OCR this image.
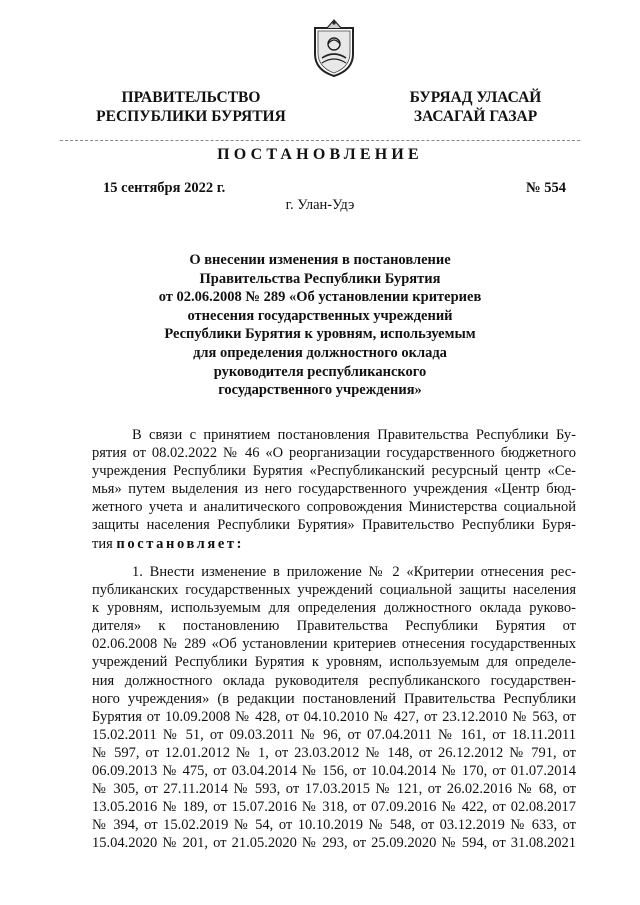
ПРАВИТЕЛЬСТВО
РЕСПУБЛИКИ БУРЯТИЯ
БУРЯАД УЛАСАЙ
ЗАСАГАЙ ГАЗАР
ПОСТАНОВЛЕНИЕ
15 сентября 2022 г.	№ 554
г. Улан-Удэ
О внесении изменения в постановление
Правительства Республики Бурятия
от 02.06.2008 № 289 «Об установлении критериев
отнесения государственных учреждений
Республики Бурятия к уровням, используемым
для определения должностного оклада
руководителя республиканского
государственного учреждения»
В связи с принятием постановления Правительства Республики Бу-
рятия от 08.02.2022 № 46 «О реорганизации государственного бюджетного
учреждения Республики Бурятия «Республиканский ресурсный центр «Се-
мья» путем выделения из него государственного учреждения «Центр бюд-
жетного учета и аналитического сопровождения Министерства социальной
защиты населения Республики Бурятия» Правительство Республики Буря-
тия постановляет:
1. Внести изменение в приложение № 2 «Критерии отнесения рес-
публиканских государственных учреждений социальной защиты населения
к уровням, используемым для определения должностного оклада руково-
дителя» к постановлению Правительства Республики Бурятия от
02.06.2008 № 289 «Об установлении критериев отнесения государственных
учреждений Республики Бурятия к уровням, используемым для определе-
ния должностного оклада руководителя республиканского государствен-
ного учреждения» (в редакции постановлений Правительства Республики
Бурятия от 10.09.2008 № 428, от 04.10.2010 № 427, от 23.12.2010 № 563, от
15.02.2011 № 51, от 09.03.2011 № 96, от 07.04.2011 № 161, от 18.11.2011
№ 597, от 12.01.2012 № 1, от 23.03.2012 № 148, от 26.12.2012 № 791, от
06.09.2013 № 475, от 03.04.2014 № 156, от 10.04.2014 № 170, от 01.07.2014
№ 305, от 27.11.2014 № 593, от 17.03.2015 № 121, от 26.02.2016 № 68, от
13.05.2016 № 189, от 15.07.2016 № 318, от 07.09.2016 № 422, от 02.08.2017
№ 394, от 15.02.2019 № 54, от 10.10.2019 № 548, от 03.12.2019 № 633, от
15.04.2020 № 201, от 21.05.2020 № 293, от 25.09.2020 № 594, от 31.08.2021
